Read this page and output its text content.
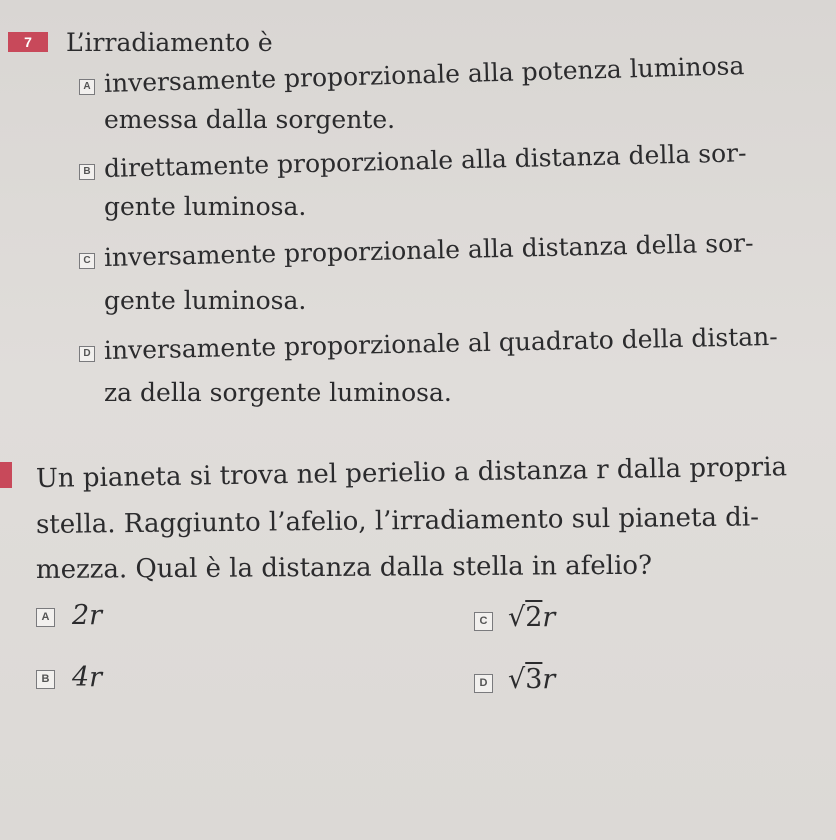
7	L’irradiamento è
A inversamente proporzionale alla potenza luminosa
emessa dalla sorgente.
B direttamente proporzionale alla distanza della sor-
gente luminosa.
C inversamente proporzionale alla distanza della sor-
gente luminosa.
D inversamente proporzionale al quadrato della distan-
za della sorgente luminosa.
Un pianeta si trova nel perielio a distanza r dalla propria
stella. Raggiunto l’afelio, l’irradiamento sul pianeta di-
mezza. Qual è la distanza dalla stella in afelio?
A 2r
B 4r
C √2r
D √3r
